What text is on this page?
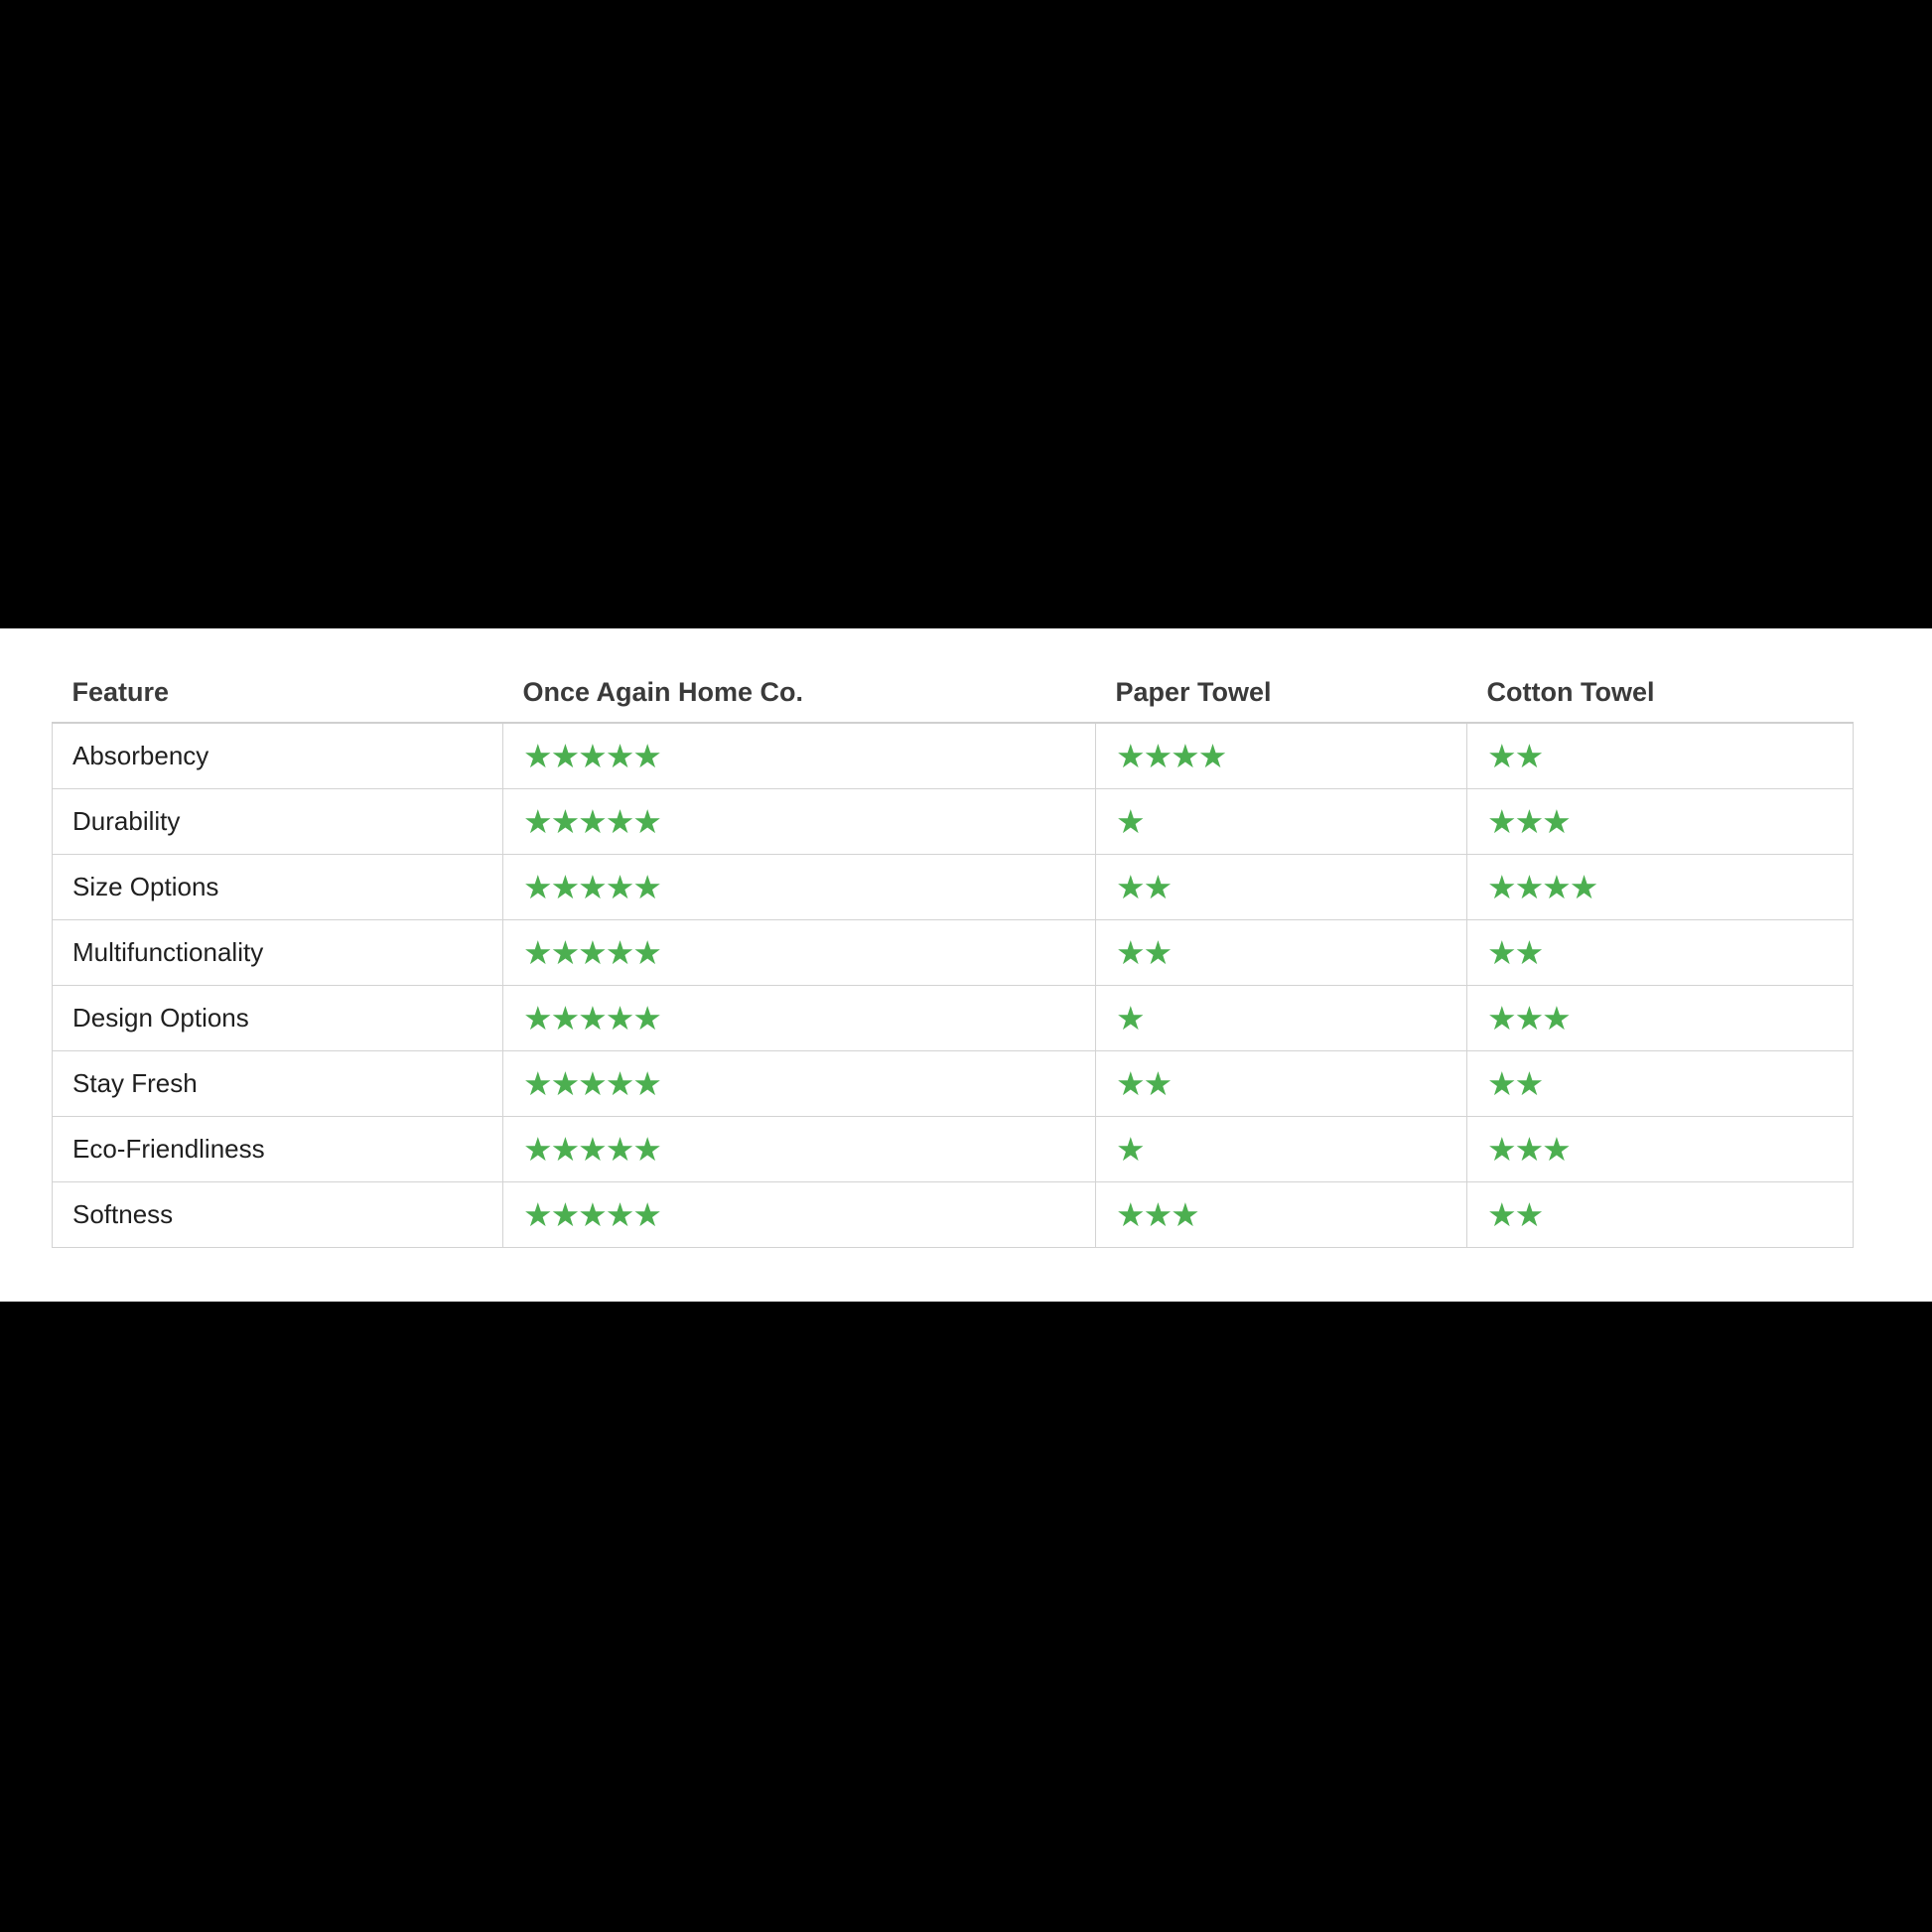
Feature	Once Again Home Co.	Paper Towel	Cotton Towel
Absorbency	★★★★★	★★★★	★★
Durability	★★★★★	★	★★★
Size Options	★★★★★	★★	★★★★
Multifunctionality	★★★★★	★★	★★
Design Options	★★★★★	★	★★★
Stay Fresh	★★★★★	★★	★★
Eco-Friendliness	★★★★★	★	★★★
Softness	★★★★★	★★★	★★
